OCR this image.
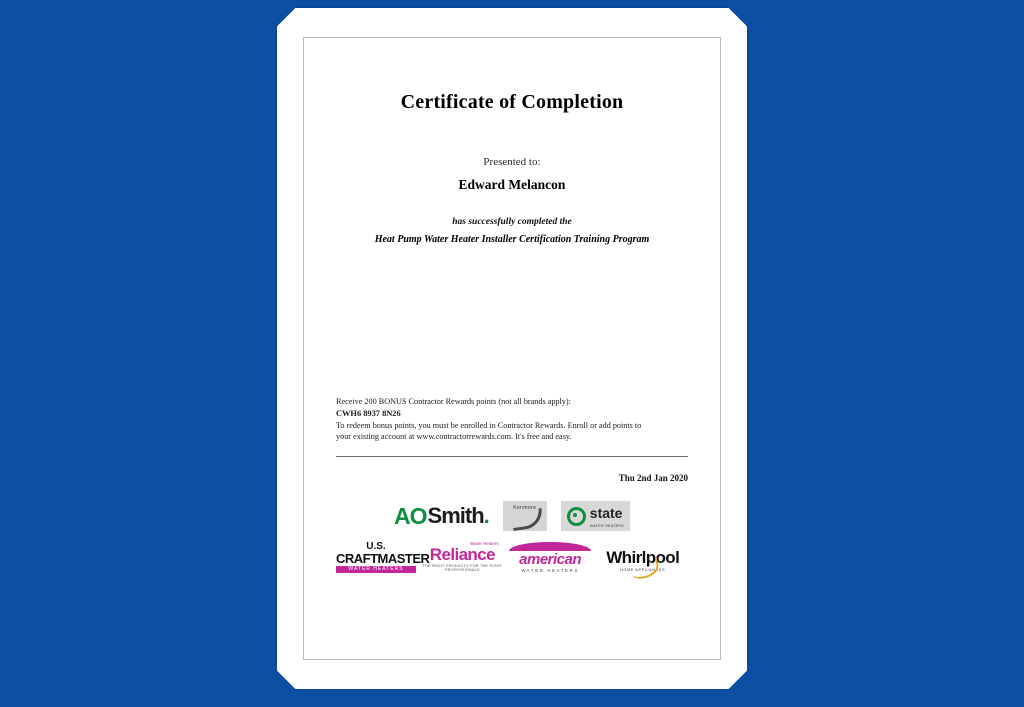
Certificate of Completion
Presented to:
Edward Melancon
has successfully completed the
Heat Pump Water Heater Installer Certification Training Program
Receive 200 BONUS Contractor Rewards points (not all brands apply):
CWH6 8937 8N26
To redeem bonus points, you must be enrolled in Contractor Rewards. Enroll or add points to
your existing account at www.contractorrewards.com. It's free and easy.
Thu 2nd Jan 2020
AO Smith .	Kenmore	state
WATER HEATERS
U.S.
CRAFTMASTER
WATER HEATERS
Water Heaters
Reliance
THE RIGHT PRODUCTS FOR THE RIGHT PROFESSIONALS
american
WATER HEATERS
Whirlpool
HOME APPLIANCES
